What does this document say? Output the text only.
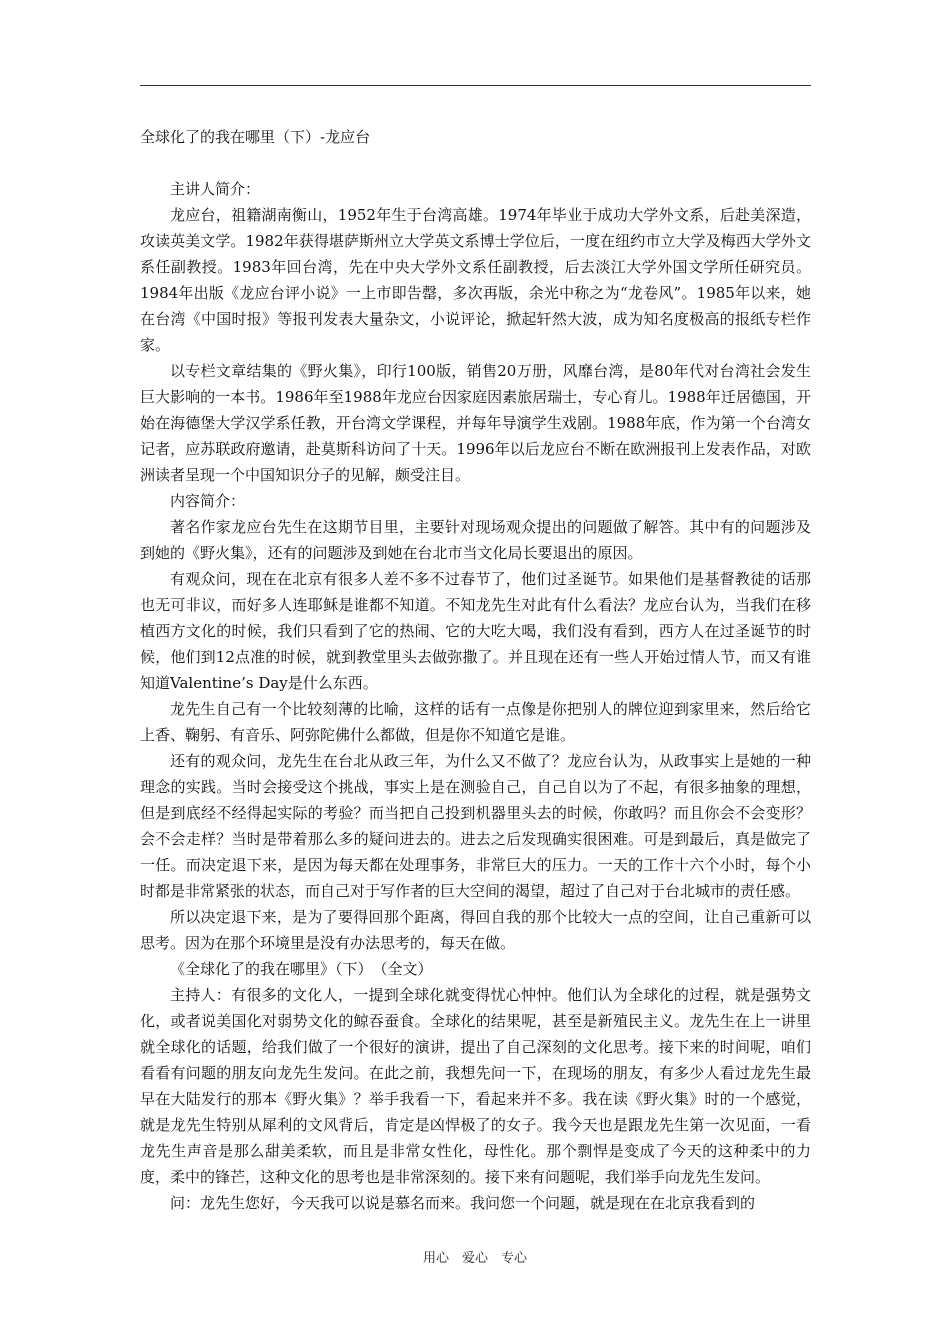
全球化了的我在哪里（下）-龙应台

主讲人简介：

龙应台，祖籍湖南衡山，1952年生于台湾高雄。1974年毕业于成功大学外文系，后赴美深造，攻读英美文学。1982年获得堪萨斯州立大学英文系博士学位后，一度在纽约市立大学及梅西大学外文系任副教授。1983年回台湾，先在中央大学外文系任副教授，后去淡江大学外国文学所任研究员。1984年出版《龙应台评小说》一上市即告罄，多次再版，余光中称之为“龙卷风”。1985年以来，她在台湾《中国时报》等报刊发表大量杂文，小说评论，掀起轩然大波，成为知名度极高的报纸专栏作家。

以专栏文章结集的《野火集》，印行100版，销售20万册，风靡台湾，是80年代对台湾社会发生巨大影响的一本书。1986年至1988年龙应台因家庭因素旅居瑞士，专心育儿。1988年迁居德国，开始在海德堡大学汉学系任教，开台湾文学课程，并每年导演学生戏剧。1988年底，作为第一个台湾女记者，应苏联政府邀请，赴莫斯科访问了十天。1996年以后龙应台不断在欧洲报刊上发表作品，对欧洲读者呈现一个中国知识分子的见解，颇受注目。

内容简介：

著名作家龙应台先生在这期节目里，主要针对现场观众提出的问题做了解答。其中有的问题涉及到她的《野火集》，还有的问题涉及到她在台北市当文化局长要退出的原因。

有观众问，现在在北京有很多人差不多不过春节了，他们过圣诞节。如果他们是基督教徒的话那也无可非议，而好多人连耶稣是谁都不知道。不知龙先生对此有什么看法？龙应台认为，当我们在移植西方文化的时候，我们只看到了它的热闹、它的大吃大喝，我们没有看到，西方人在过圣诞节的时候，他们到12点准的时候，就到教堂里头去做弥撒了。并且现在还有一些人开始过情人节，而又有谁知道Valentine’s Day是什么东西。

龙先生自己有一个比较刻薄的比喻，这样的话有一点像是你把别人的牌位迎到家里来，然后给它上香、鞠躬、有音乐、阿弥陀佛什么都做，但是你不知道它是谁。

还有的观众问，龙先生在台北从政三年，为什么又不做了？龙应台认为，从政事实上是她的一种理念的实践。当时会接受这个挑战，事实上是在测验自己，自己自以为了不起，有很多抽象的理想，但是到底经不经得起实际的考验？而当把自己投到机器里头去的时候，你敢吗？而且你会不会变形？会不会走样？当时是带着那么多的疑问进去的。进去之后发现确实很困难。可是到最后，真是做完了一任。而决定退下来，是因为每天都在处理事务，非常巨大的压力。一天的工作十六个小时，每个小时都是非常紧张的状态，而自己对于写作者的巨大空间的渴望，超过了自己对于台北城市的责任感。

所以决定退下来，是为了要得回那个距离，得回自我的那个比较大一点的空间，让自己重新可以思考。因为在那个环境里是没有办法思考的，每天在做。

《全球化了的我在哪里》（下）　（全文）

主持人：有很多的文化人，一提到全球化就变得忧心忡忡。他们认为全球化的过程，就是强势文化，或者说美国化对弱势文化的鲸吞蚕食。全球化的结果呢，甚至是新殖民主义。龙先生在上一讲里就全球化的话题，给我们做了一个很好的演讲，提出了自己深刻的文化思考。接下来的时间呢，咱们看看有问题的朋友向龙先生发问。在此之前，我想先问一下，在现场的朋友，有多少人看过龙先生最早在大陆发行的那本《野火集》？举手我看一下，看起来并不多。我在读《野火集》时的一个感觉，就是龙先生特别从犀利的文风背后，肯定是凶悍极了的女子。我今天也是跟龙先生第一次见面，一看龙先生声音是那么甜美柔软，而且是非常女性化，母性化。那个剽悍是变成了今天的这种柔中的力度，柔中的锋芒，这种文化的思考也是非常深刻的。接下来有问题呢，我们举手向龙先生发问。

问：龙先生您好，今天我可以说是慕名而来。我问您一个问题，就是现在在北京我看到的

用心　爱心　专心
